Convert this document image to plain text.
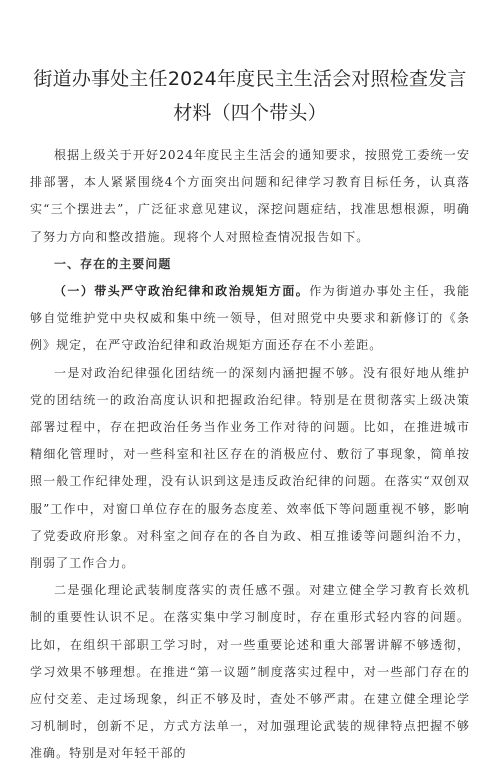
街道办事处主任2024年度民主生活会对照检查发言材料（四个带头）

根据上级关于开好2024年度民主生活会的通知要求，按照党工委统一安排部署，本人紧紧围绕4个方面突出问题和纪律学习教育目标任务，认真落实“三个摆进去”，广泛征求意见建议，深挖问题症结，找准思想根源，明确了努力方向和整改措施。现将个人对照检查情况报告如下。

一、存在的主要问题

（一）带头严守政治纪律和政治规矩方面。作为街道办事处主任，我能够自觉维护党中央权威和集中统一领导，但对照党中央要求和新修订的《条例》规定，在严守政治纪律和政治规矩方面还存在不小差距。

一是对政治纪律强化团结统一的深刻内涵把握不够。没有很好地从维护党的团结统一的政治高度认识和把握政治纪律。特别是在贯彻落实上级决策部署过程中，存在把政治任务当作业务工作对待的问题。比如，在推进城市精细化管理时，对一些科室和社区存在的消极应付、敷衍了事现象，简单按照一般工作纪律处理，没有认识到这是违反政治纪律的问题。在落实“双创双服”工作中，对窗口单位存在的服务态度差、效率低下等问题重视不够，影响了党委政府形象。对科室之间存在的各自为政、相互推诿等问题纠治不力，削弱了工作合力。

二是强化理论武装制度落实的责任感不强。对建立健全学习教育长效机制的重要性认识不足。在落实集中学习制度时，存在重形式轻内容的问题。比如，在组织干部职工学习时，对一些重要论述和重大部署讲解不够透彻，学习效果不够理想。在推进“第一议题”制度落实过程中，对一些部门存在的应付交差、走过场现象，纠正不够及时，查处不够严肃。在建立健全理论学习机制时，创新不足，方式方法单一，对加强理论武装的规律特点把握不够准确。特别是对年轻干部的
